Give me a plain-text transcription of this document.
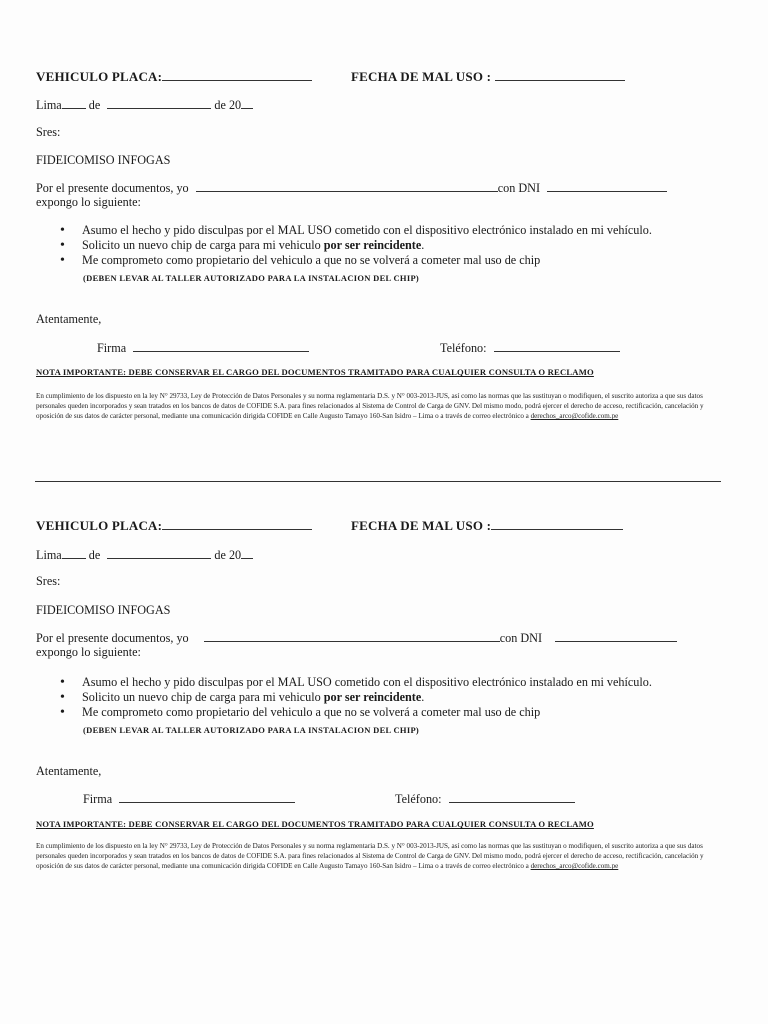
VEHICULO PLACA:	FECHA DE MAL USO :
Lima de	de 20
Sres:
FIDEICOMISO INFOGAS
Por el presente documentos, yo	con DNI
expongo lo siguiente:
• Asumo el hecho y pido disculpas por el MAL USO cometido con el dispositivo electrónico instalado en mi vehículo.
• Solicito un nuevo chip de carga para mi vehiculo por ser reincidente.
• Me comprometo como propietario del vehiculo a que no se volverá a cometer mal uso de chip
(DEBEN LEVAR AL TALLER AUTORIZADO PARA LA INSTALACION DEL CHIP)
Atentamente,
Firma	Teléfono:
NOTA IMPORTANTE: DEBE CONSERVAR EL CARGO DEL DOCUMENTOS TRAMITADO PARA CUALQUIER CONSULTA O RECLAMO
En cumplimiento de los dispuesto en la ley N° 29733, Ley de Protección de Datos Personales y su norma reglamentaria D.S. y N° 003-2013-JUS, así como las normas que las sustituyan o modifiquen, el suscrito autoriza a que sus datos personales queden incorporados y sean tratados en los bancos de datos de COFIDE S.A. para fines relacionados al Sistema de Control de Carga de GNV. Del mismo modo, podrá ejercer el derecho de acceso, rectificación, cancelación y oposición de sus datos de carácter personal, mediante una comunicación dirigida COFIDE en Calle Augusto Tamayo 160-San Isidro – Lima o a través de correo electrónico a derechos_arco@cofide.com.pe
VEHICULO PLACA:	FECHA DE MAL USO :
Lima de	de 20
Sres:
FIDEICOMISO INFOGAS
Por el presente documentos, yo	con DNI
expongo lo siguiente:
• Asumo el hecho y pido disculpas por el MAL USO cometido con el dispositivo electrónico instalado en mi vehículo.
• Solicito un nuevo chip de carga para mi vehiculo por ser reincidente.
• Me comprometo como propietario del vehiculo a que no se volverá a cometer mal uso de chip
(DEBEN LEVAR AL TALLER AUTORIZADO PARA LA INSTALACION DEL CHIP)
Atentamente,
Firma	Teléfono:
NOTA IMPORTANTE: DEBE CONSERVAR EL CARGO DEL DOCUMENTOS TRAMITADO PARA CUALQUIER CONSULTA O RECLAMO
En cumplimiento de los dispuesto en la ley N° 29733, Ley de Protección de Datos Personales y su norma reglamentaria D.S. y N° 003-2013-JUS, así como las normas que las sustituyan o modifiquen, el suscrito autoriza a que sus datos personales queden incorporados y sean tratados en los bancos de datos de COFIDE S.A. para fines relacionados al Sistema de Control de Carga de GNV. Del mismo modo, podrá ejercer el derecho de acceso, rectificación, cancelación y oposición de sus datos de carácter personal, mediante una comunicación dirigida COFIDE en Calle Augusto Tamayo 160-San Isidro – Lima o a través de correo electrónico a derechos_arco@cofide.com.pe
